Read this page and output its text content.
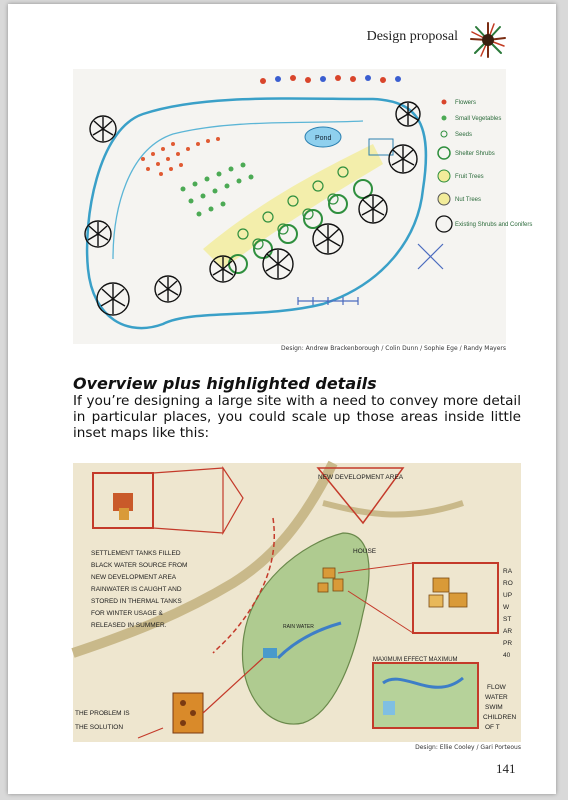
Design proposal
Pond
Flowers
Small Vegetables
Seeds
Shelter Shrubs
Fruit Trees
Nut Trees
Existing Shrubs and Conifers
Design: Andrew Brackenborough / Colin Dunn / Sophie Ege / Randy Mayers
Overview plus highlighted details
If you’re designing a large site with a need to convey more detail in particular places, you could scale up those areas inside little inset maps like this:
NEW DEVELOPMENT AREA
HOUSE
RAIN WATER
MAXIMUM EFFECT MAXIMUM
SETTLEMENT TANKS FILLED
BLACK WATER SOURCE FROM
NEW DEVELOPMENT AREA
RAINWATER IS CAUGHT AND
STORED IN THERMAL TANKS
FOR WINTER USAGE &
RELEASED IN SUMMER.
THE PROBLEM IS
THE SOLUTION
FLOW
WATER
SWIM
CHILDREN
OF T
RA
RO
UP
W
ST
AR
PR
40
Design: Ellie Cooley / Gari Porteous
141
